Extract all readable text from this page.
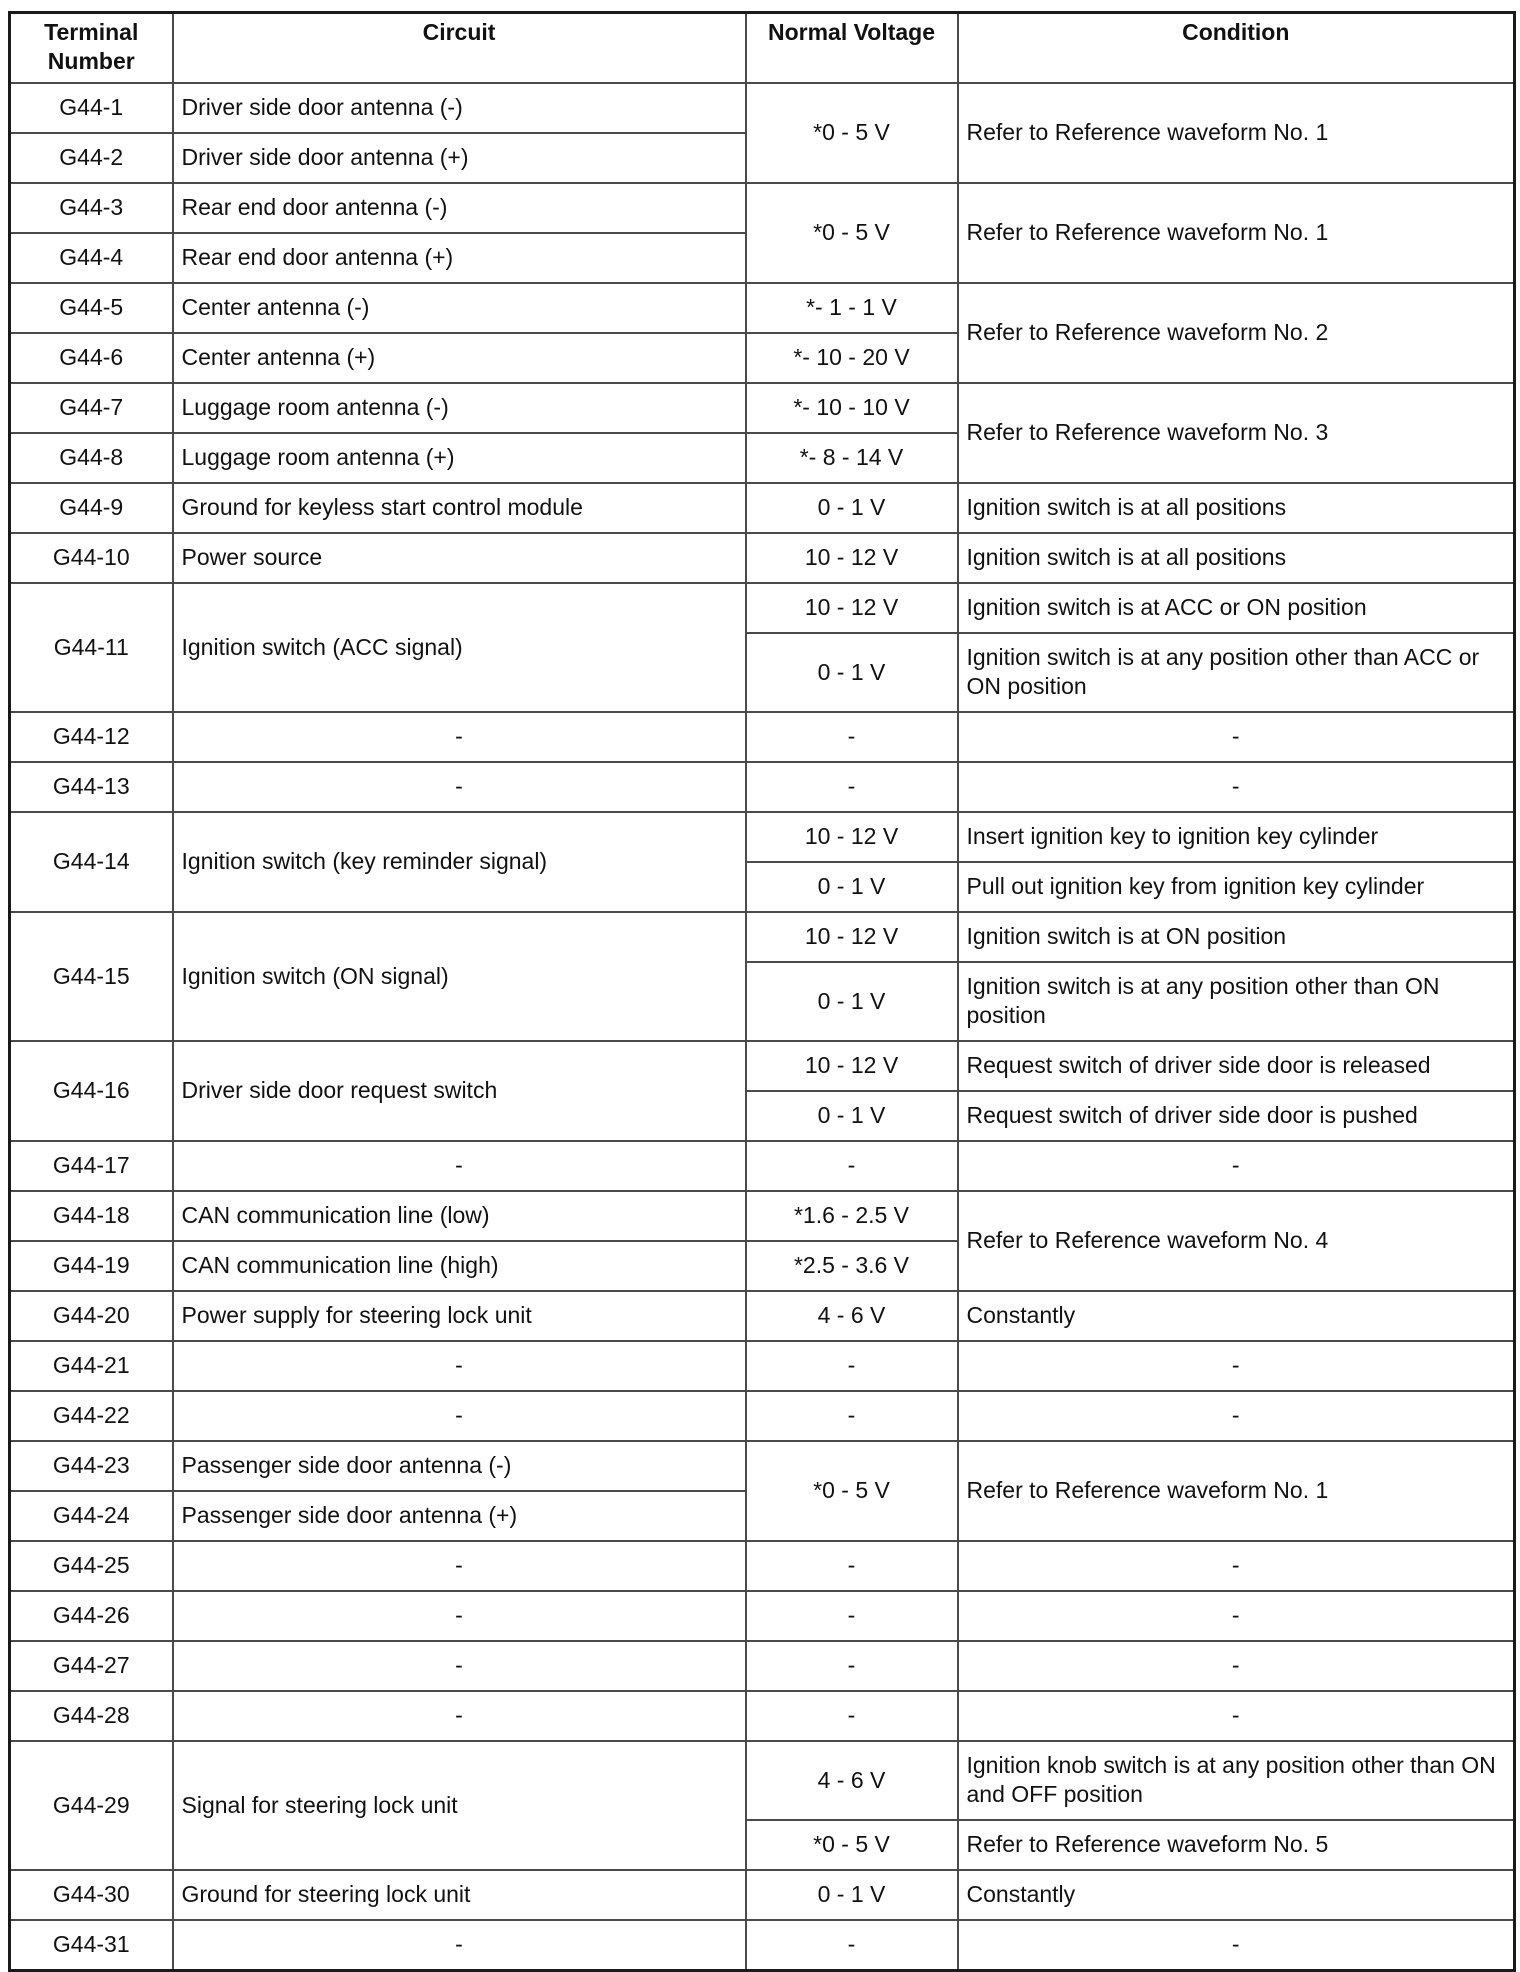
Terminal Number	Circuit	Normal Voltage	Condition
G44-1	Driver side door antenna (-)	*0 - 5 V	Refer to Reference waveform No. 1
G44-2	Driver side door antenna (+)		
G44-3	Rear end door antenna (-)	*0 - 5 V	Refer to Reference waveform No. 1
G44-4	Rear end door antenna (+)		
G44-5	Center antenna (-)	*- 1 - 1 V	Refer to Reference waveform No. 2
G44-6	Center antenna (+)	*- 10 - 20 V	
G44-7	Luggage room antenna (-)	*- 10 - 10 V	Refer to Reference waveform No. 3
G44-8	Luggage room antenna (+)	*- 8 - 14 V	
G44-9	Ground for keyless start control module	0 - 1 V	Ignition switch is at all positions
G44-10	Power source	10 - 12 V	Ignition switch is at all positions
G44-11	Ignition switch (ACC signal)	10 - 12 V	Ignition switch is at ACC or ON position
		0 - 1 V	Ignition switch is at any position other than ACC or ON position
G44-12	-	-	-
G44-13	-	-	-
G44-14	Ignition switch (key reminder signal)	10 - 12 V	Insert ignition key to ignition key cylinder
		0 - 1 V	Pull out ignition key from ignition key cylinder
G44-15	Ignition switch (ON signal)	10 - 12 V	Ignition switch is at ON position
		0 - 1 V	Ignition switch is at any position other than ON position
G44-16	Driver side door request switch	10 - 12 V	Request switch of driver side door is released
		0 - 1 V	Request switch of driver side door is pushed
G44-17	-	-	-
G44-18	CAN communication line (low)	*1.6 - 2.5 V	Refer to Reference waveform No. 4
G44-19	CAN communication line (high)	*2.5 - 3.6 V	
G44-20	Power supply for steering lock unit	4 - 6 V	Constantly
G44-21	-	-	-
G44-22	-	-	-
G44-23	Passenger side door antenna (-)	*0 - 5 V	Refer to Reference waveform No. 1
G44-24	Passenger side door antenna (+)		
G44-25	-	-	-
G44-26	-	-	-
G44-27	-	-	-
G44-28	-	-	-
G44-29	Signal for steering lock unit	4 - 6 V	Ignition knob switch is at any position other than ON and OFF position
		*0 - 5 V	Refer to Reference waveform No. 5
G44-30	Ground for steering lock unit	0 - 1 V	Constantly
G44-31	-	-	-
